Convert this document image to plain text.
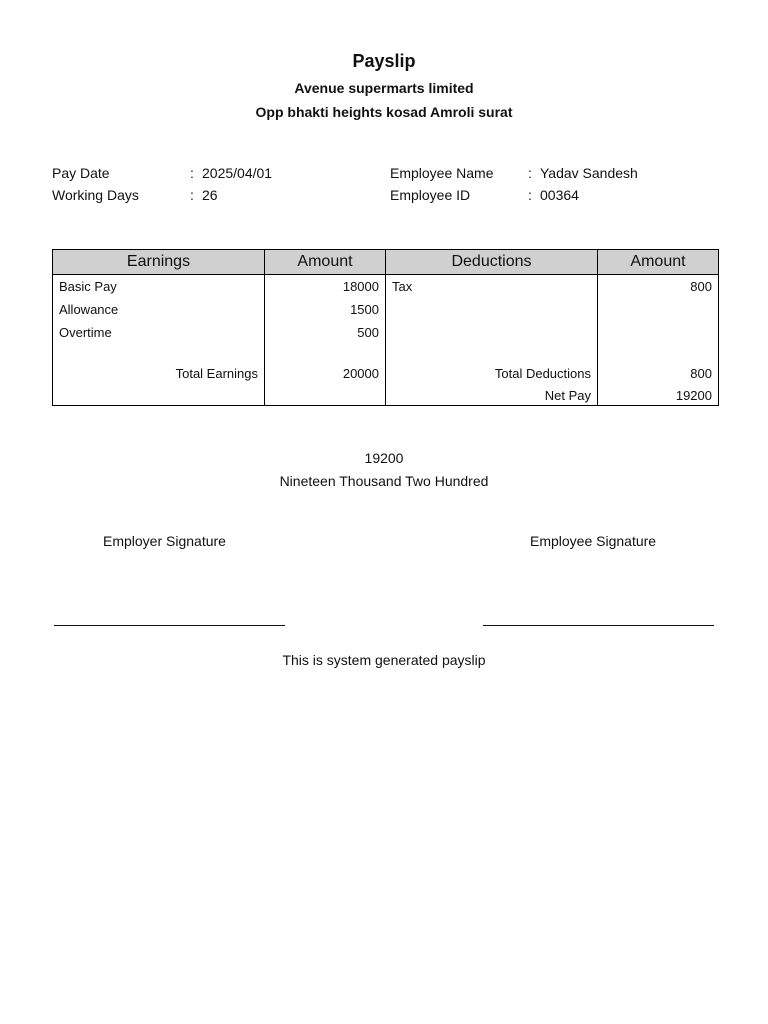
Payslip
Avenue supermarts limited
Opp bhakti heights kosad Amroli surat
Pay Date	: 2025/04/01
Working Days	: 26
Employee Name : Yadav Sandesh
Employee ID	: 00364
Earnings	Amount	Deductions	Amount
Basic Pay	18000	Tax	800
Allowance	1500		
Overtime	500		

Total Earnings	20000	Total Deductions	800
		Net Pay	19200
19200
Nineteen Thousand Two Hundred
Employer Signature	Employee Signature
This is system generated payslip
